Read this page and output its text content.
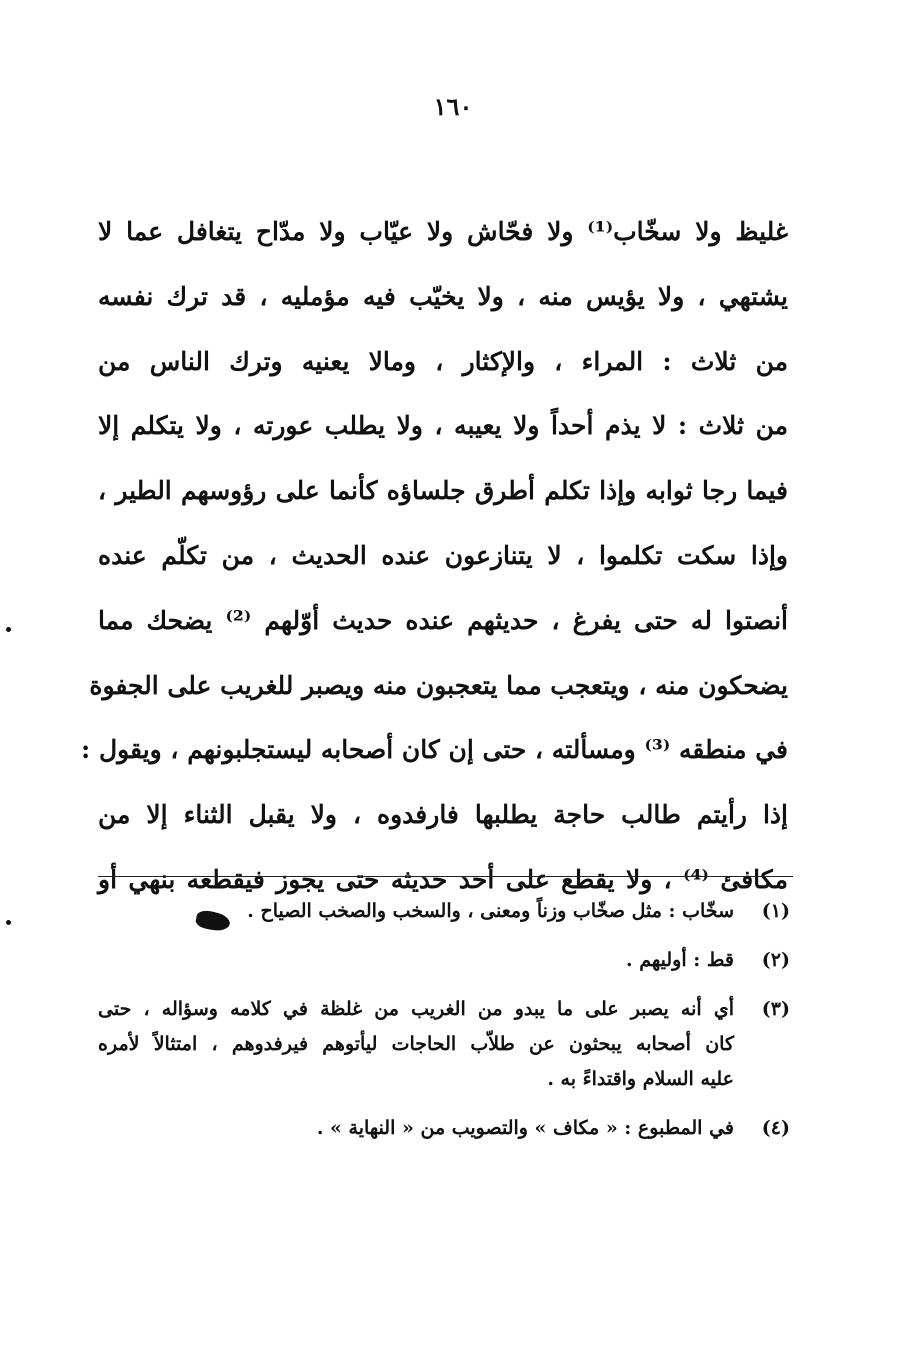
١٦٠
غليظ ولا سخّاب⁽¹⁾ ولا فحّاش ولا عيّاب ولا مدّاح يتغافل عما لا
يشتهي ، ولا يؤيس منه ، ولا يخيّب فيه مؤمليه ، قد ترك نفسه
من ثلاث : المراء ، والإكثار ، ومالا يعنيه وترك الناس من
من ثلاث : لا يذم أحداً ولا يعيبه ، ولا يطلب عورته ، ولا يتكلم إلا
فيما رجا ثوابه وإذا تكلم أطرق جلساؤه كأنما على رؤوسهم الطير ،
وإذا سكت تكلموا ، لا يتنازعون عنده الحديث ، من تكلّم عنده
أنصتوا له حتى يفرغ ، حديثهم عنده حديث أوّلهم ⁽²⁾ يضحك مما
يضحكون منه ، ويتعجب مما يتعجبون منه ويصبر للغريب على الجفوة
في منطقه ⁽³⁾ ومسألته ، حتى إن كان أصحابه ليستجلبونهم ، ويقول :
إذا رأيتم طالب حاجة يطلبها فارفدوه ، ولا يقبل الثناء إلا من
مكافئ ⁽⁴⁾ ، ولا يقطع على أحد حديثه حتى يجوز فيقطعه بنهي أو
(١)
سخّاب : مثل صخّاب وزناً ومعنى ، والسخب والصخب الصياح .
(٢)
قط : أوليهم .
(٣)
أي أنه يصبر على ما يبدو من الغريب من غلظة في كلامه وسؤاله ، حتى
كان أصحابه يبحثون عن طلاّب الحاجات ليأتوهم فيرفدوهم ، امتثالاً لأمره
عليه السلام واقتداءً به .
(٤)
في المطبوع : « مكاف » والتصويب من « النهاية » .
